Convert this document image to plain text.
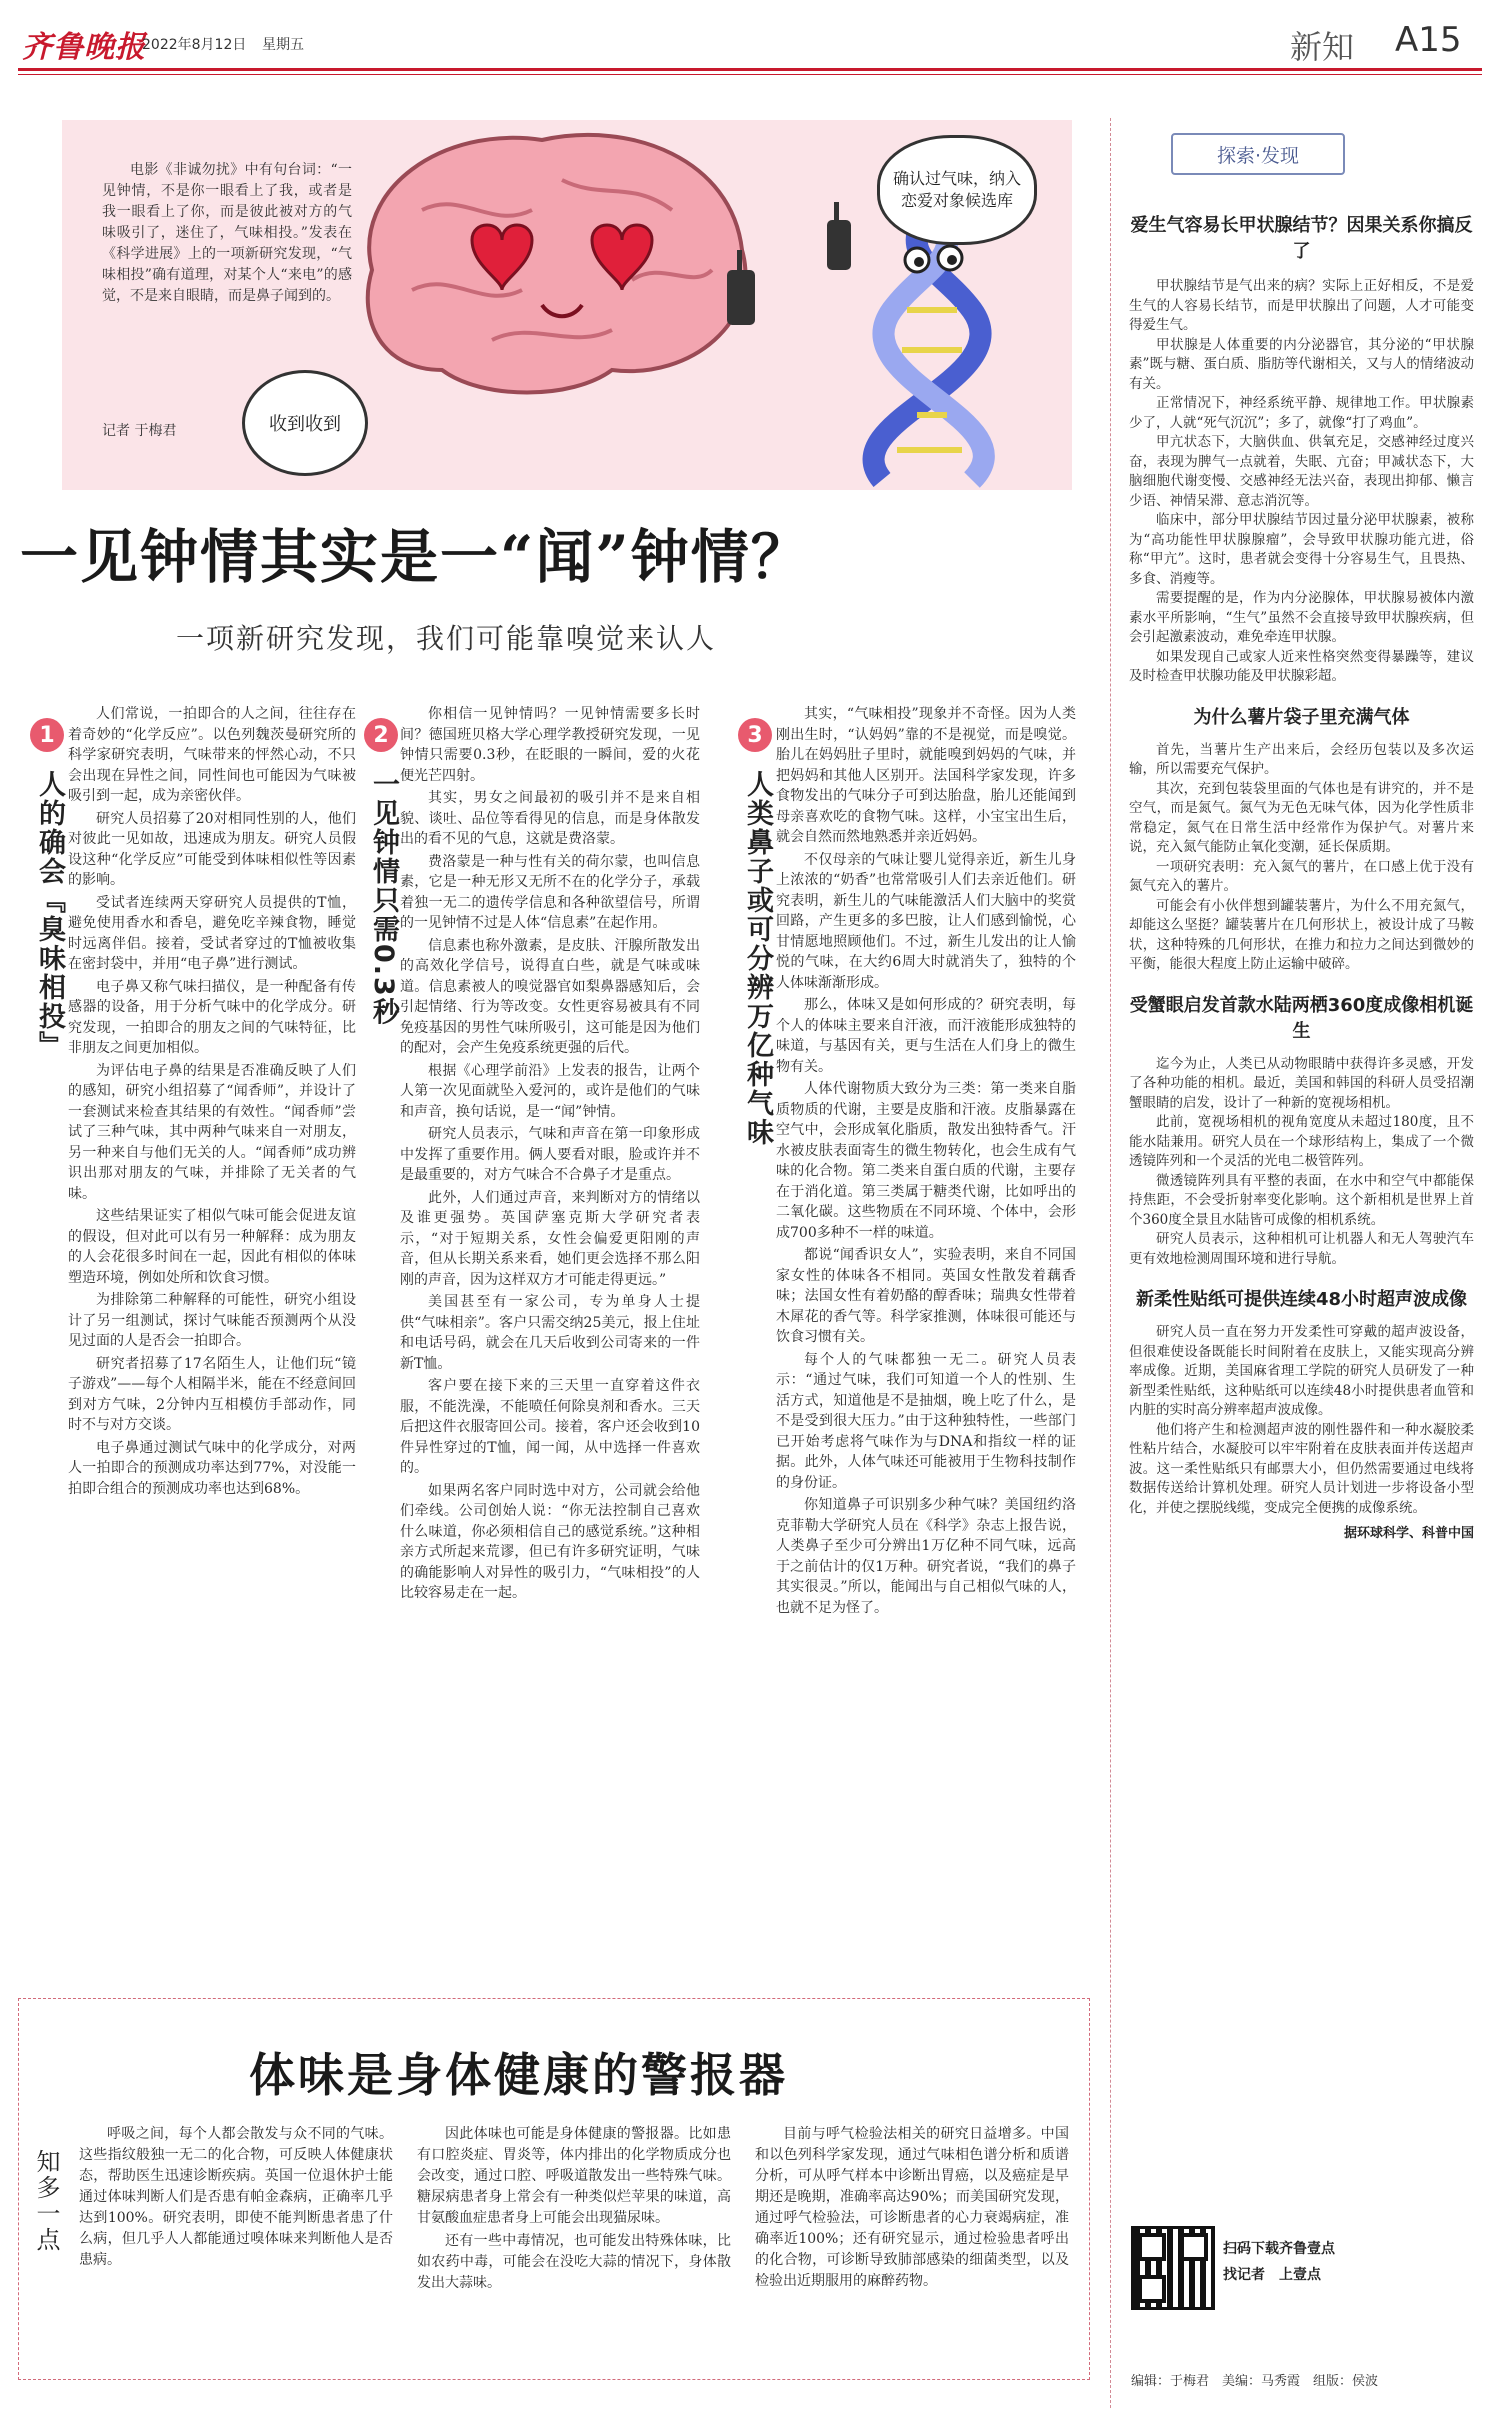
齐鲁晚报
2022年8月12日 星期五	新知 A15
电影《非诚勿扰》中有句台词：“一见钟情，不是你一眼看上了我，或者是我一眼看上了你，而是彼此被对方的气味吸引了，迷住了，气味相投。”发表在《科学进展》上的一项新研究发现，“气味相投”确有道理，对某个人“来电”的感觉，不是来自眼睛，而是鼻子闻到的。
记者 于梅君	收到收到
确认过气味，纳入恋爱对象候选库
一见钟情其实是一“闻”钟情？
一项新研究发现，我们可能靠嗅觉来认人
1
人的确会『臭味相投』

人们常说，一拍即合的人之间，往往存在着奇妙的“化学反应”。以色列魏茨曼研究所的科学家研究表明，气味带来的怦然心动，不只会出现在异性之间，同性间也可能因为气味被吸引到一起，成为亲密伙伴。

研究人员招募了20对相同性别的人，他们对彼此一见如故，迅速成为朋友。研究人员假设这种“化学反应”可能受到体味相似性等因素的影响。

受试者连续两天穿研究人员提供的T恤，避免使用香水和香皂，避免吃辛辣食物，睡觉时远离伴侣。接着，受试者穿过的T恤被收集在密封袋中，并用“电子鼻”进行测试。

电子鼻又称气味扫描仪，是一种配备有传感器的设备，用于分析气味中的化学成分。研究发现，一拍即合的朋友之间的气味特征，比非朋友之间更加相似。

为评估电子鼻的结果是否准确反映了人们的感知，研究小组招募了“闻香师”，并设计了一套测试来检查其结果的有效性。“闻香师”尝试了三种气味，其中两种气味来自一对朋友，另一种来自与他们无关的人。“闻香师”成功辨识出那对朋友的气味，并排除了无关者的气味。

这些结果证实了相似气味可能会促进友谊的假设，但对此可以有另一种解释：成为朋友的人会花很多时间在一起，因此有相似的体味塑造环境，例如处所和饮食习惯。

为排除第二种解释的可能性，研究小组设计了另一组测试，探讨气味能否预测两个从没见过面的人是否会一拍即合。

研究者招募了17名陌生人，让他们玩“镜子游戏”——每个人相隔半米，能在不经意间回到对方气味，2分钟内互相模仿手部动作，同时不与对方交谈。

电子鼻通过测试气味中的化学成分，对两人一拍即合的预测成功率达到77%，对没能一拍即合组合的预测成功率也达到68%。

2
一见钟情只需0.3秒

你相信一见钟情吗？一见钟情需要多长时间？德国班贝格大学心理学教授研究发现，一见钟情只需要0.3秒，在眨眼的一瞬间，爱的火花便光芒四射。

其实，男女之间最初的吸引并不是来自相貌、谈吐、品位等看得见的信息，而是身体散发出的看不见的气息，这就是费洛蒙。

费洛蒙是一种与性有关的荷尔蒙，也叫信息素，它是一种无形又无所不在的化学分子，承载着独一无二的遗传学信息和各种欲望信号，所谓的一见钟情不过是人体“信息素”在起作用。

信息素也称外激素，是皮肤、汗腺所散发出的高效化学信号，说得直白些，就是气味或味道。信息素被人的嗅觉器官如梨鼻器感知后，会引起情绪、行为等改变。女性更容易被具有不同免疫基因的男性气味所吸引，这可能是因为他们的配对，会产生免疫系统更强的后代。

根据《心理学前沿》上发表的报告，让两个人第一次见面就坠入爱河的，或许是他们的气味和声音，换句话说，是一“闻”钟情。

研究人员表示，气味和声音在第一印象形成中发挥了重要作用。俩人要看对眼，脸或许并不是最重要的，对方气味合不合鼻子才是重点。

此外，人们通过声音，来判断对方的情绪以及谁更强势。英国萨塞克斯大学研究者表示，“对于短期关系，女性会偏爱更阳刚的声音，但从长期关系来看，她们更会选择不那么阳刚的声音，因为这样双方才可能走得更远。”

美国甚至有一家公司，专为单身人士提供“气味相亲”。客户只需交纳25美元，报上住址和电话号码，就会在几天后收到公司寄来的一件新T恤。

客户要在接下来的三天里一直穿着这件衣服，不能洗澡，不能喷任何除臭剂和香水。三天后把这件衣服寄回公司。接着，客户还会收到10件异性穿过的T恤，闻一闻，从中选择一件喜欢的。

如果两名客户同时选中对方，公司就会给他们牵线。公司创始人说：“你无法控制自己喜欢什么味道，你必须相信自己的感觉系统。”这种相亲方式所起来荒谬，但已有许多研究证明，气味的确能影响人对异性的吸引力，“气味相投”的人比较容易走在一起。

3
人类鼻子或可分辨万亿种气味

其实，“气味相投”现象并不奇怪。因为人类刚出生时，“认妈妈”靠的不是视觉，而是嗅觉。胎儿在妈妈肚子里时，就能嗅到妈妈的气味，并把妈妈和其他人区别开。法国科学家发现，许多食物发出的气味分子可到达胎盘，胎儿还能闻到母亲喜欢吃的食物气味。这样，小宝宝出生后，就会自然而然地熟悉并亲近妈妈。

不仅母亲的气味让婴儿觉得亲近，新生儿身上浓浓的“奶香”也常常吸引人们去亲近他们。研究表明，新生儿的气味能激活人们大脑中的奖赏回路，产生更多的多巴胺，让人们感到愉悦，心甘情愿地照顾他们。不过，新生儿发出的让人愉悦的气味，在大约6周大时就消失了，独特的个人体味渐渐形成。

那么，体味又是如何形成的？研究表明，每个人的体味主要来自汗液，而汗液能形成独特的味道，与基因有关，更与生活在人们身上的微生物有关。

人体代谢物质大致分为三类：第一类来自脂质物质的代谢，主要是皮脂和汗液。皮脂暴露在空气中，会形成氧化脂质，散发出独特香气。汗水被皮肤表面寄生的微生物转化，也会生成有气味的化合物。第二类来自蛋白质的代谢，主要存在于消化道。第三类属于糖类代谢，比如呼出的二氧化碳。这些物质在不同环境、个体中，会形成700多种不一样的味道。

都说“闻香识女人”，实验表明，来自不同国家女性的体味各不相同。英国女性散发着藕香味；法国女性有着奶酪的醇香味；瑞典女性带着木犀花的香气等。科学家推测，体味很可能还与饮食习惯有关。

每个人的气味都独一无二。研究人员表示：“通过气味，我们可知道一个人的性别、生活方式，知道他是不是抽烟，晚上吃了什么，是不是受到很大压力。”由于这种独特性，一些部门已开始考虑将气味作为与DNA和指纹一样的证据。此外，人体气味还可能被用于生物科技制作的身份证。

你知道鼻子可识别多少种气味？美国纽约洛克菲勒大学研究人员在《科学》杂志上报告说，人类鼻子至少可分辨出1万亿种不同气味，远高于之前估计的仅1万种。研究者说，“我们的鼻子其实很灵。”所以，能闻出与自己相似气味的人，也就不足为怪了。

知多一点
体味是身体健康的警报器

呼吸之间，每个人都会散发与众不同的气味。这些指纹般独一无二的化合物，可反映人体健康状态，帮助医生迅速诊断疾病。英国一位退休护士能通过体味判断人们是否患有帕金森病，正确率几乎达到100%。研究表明，即使不能判断患者患了什么病，但几乎人人都能通过嗅体味来判断他人是否患病。

因此体味也可能是身体健康的警报器。比如患有口腔炎症、胃炎等，体内排出的化学物质成分也会改变，通过口腔、呼吸道散发出一些特殊气味。糖尿病患者身上常会有一种类似烂苹果的味道，高甘氨酸血症患者身上可能会出现猫尿味。

还有一些中毒情况，也可能发出特殊体味，比如农药中毒，可能会在没吃大蒜的情况下，身体散发出大蒜味。

目前与呼气检验法相关的研究日益增多。中国和以色列科学家发现，通过气味相色谱分析和质谱分析，可从呼气样本中诊断出胃癌，以及癌症是早期还是晚期，准确率高达90%；而美国研究发现，通过呼气检验法，可诊断患者的心力衰竭病症，准确率近100%；还有研究显示，通过检验患者呼出的化合物，可诊断导致肺部感染的细菌类型，以及检验出近期服用的麻醉药物。

探索·发现
爱生气容易长甲状腺结节？因果关系你搞反了

甲状腺结节是气出来的病？实际上正好相反，不是爱生气的人容易长结节，而是甲状腺出了问题，人才可能变得爱生气。

甲状腺是人体重要的内分泌器官，其分泌的“甲状腺素”既与糖、蛋白质、脂肪等代谢相关，又与人的情绪波动有关。

正常情况下，神经系统平静、规律地工作。甲状腺素少了，人就“死气沉沉”；多了，就像“打了鸡血”。

甲亢状态下，大脑供血、供氧充足，交感神经过度兴奋，表现为脾气一点就着，失眠、亢奋；甲减状态下，大脑细胞代谢变慢、交感神经无法兴奋，表现出抑郁、懒言少语、神情呆滞、意志消沉等。

临床中，部分甲状腺结节因过量分泌甲状腺素，被称为“高功能性甲状腺腺瘤”，会导致甲状腺功能亢进，俗称“甲亢”。这时，患者就会变得十分容易生气，且畏热、多食、消瘦等。

需要提醒的是，作为内分泌腺体，甲状腺易被体内激素水平所影响，“生气”虽然不会直接导致甲状腺疾病，但会引起激素波动，难免牵连甲状腺。

如果发现自己或家人近来性格突然变得暴躁等，建议及时检查甲状腺功能及甲状腺彩超。

为什么薯片袋子里充满气体

首先，当薯片生产出来后，会经历包装以及多次运输，所以需要充气保护。

其次，充到包装袋里面的气体也是有讲究的，并不是空气，而是氮气。氮气为无色无味气体，因为化学性质非常稳定，氮气在日常生活中经常作为保护气。对薯片来说，充入氮气能防止氧化变潮，延长保质期。

一项研究表明：充入氮气的薯片，在口感上优于没有氮气充入的薯片。

可能会有小伙伴想到罐装薯片，为什么不用充氮气，却能这么坚挺？罐装薯片在几何形状上，被设计成了马鞍状，这种特殊的几何形状，在推力和拉力之间达到微妙的平衡，能很大程度上防止运输中破碎。

受蟹眼启发首款水陆两栖360度成像相机诞生

迄今为止，人类已从动物眼睛中获得许多灵感，开发了各种功能的相机。最近，美国和韩国的科研人员受招潮蟹眼睛的启发，设计了一种新的宽视场相机。

此前，宽视场相机的视角宽度从未超过180度，且不能水陆兼用。研究人员在一个球形结构上，集成了一个微透镜阵列和一个灵活的光电二极管阵列。

微透镜阵列具有平整的表面，在水中和空气中都能保持焦距，不会受折射率变化影响。这个新相机是世界上首个360度全景且水陆皆可成像的相机系统。

研究人员表示，这种相机可让机器人和无人驾驶汽车更有效地检测周围环境和进行导航。

新柔性贴纸可提供连续48小时超声波成像

研究人员一直在努力开发柔性可穿戴的超声波设备，但很难使设备既能长时间附着在皮肤上，又能实现高分辨率成像。近期，美国麻省理工学院的研究人员研发了一种新型柔性贴纸，这种贴纸可以连续48小时提供患者血管和内脏的实时高分辨率超声波成像。

他们将产生和检测超声波的刚性器件和一种水凝胶柔性粘片结合，水凝胶可以牢牢附着在皮肤表面并传送超声波。这一柔性贴纸只有邮票大小，但仍然需要通过电线将数据传送给计算机处理。研究人员计划进一步将设备小型化，并使之摆脱线缆，变成完全便携的成像系统。

据环球科学、科普中国
扫码下载齐鲁壹点
找记者　上壹点
编辑：于梅君　美编：马秀霞　组版：侯波
